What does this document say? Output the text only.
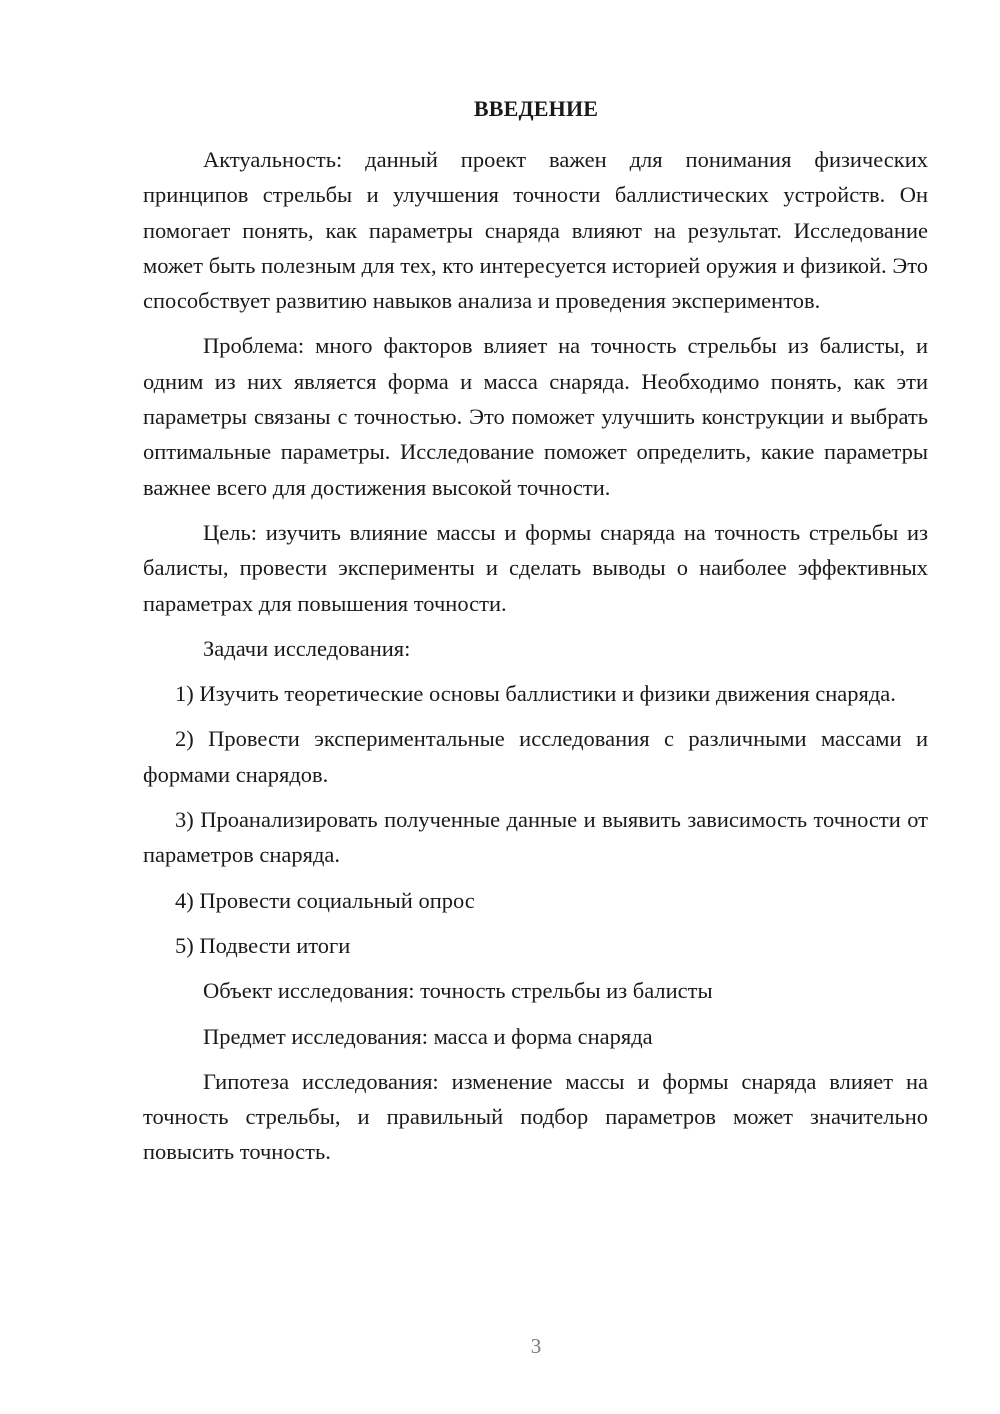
ВВЕДЕНИЕ

Актуальность: данный проект важен для понимания физических принципов стрельбы и улучшения точности баллистических устройств. Он помогает понять, как параметры снаряда влияют на результат. Исследование может быть полезным для тех, кто интересуется историей оружия и физикой. Это способствует развитию навыков анализа и проведения экспериментов.

Проблема: много факторов влияет на точность стрельбы из балисты, и одним из них является форма и масса снаряда. Необходимо понять, как эти параметры связаны с точностью. Это поможет улучшить конструкции и выбрать оптимальные параметры. Исследование поможет определить, какие параметры важнее всего для достижения высокой точности.

Цель: изучить влияние массы и формы снаряда на точность стрельбы из балисты, провести эксперименты и сделать выводы о наиболее эффективных параметрах для повышения точности.

Задачи исследования:

1) Изучить теоретические основы баллистики и физики движения снаряда.

2) Провести экспериментальные исследования с различными массами и формами снарядов.

3) Проанализировать полученные данные и выявить зависимость точности от параметров снаряда.

4) Провести социальный опрос

5) Подвести итоги

Объект исследования: точность стрельбы из балисты

Предмет исследования: масса и форма снаряда

Гипотеза исследования: изменение массы и формы снаряда влияет на точность стрельбы, и правильный подбор параметров может значительно повысить точность.

3
